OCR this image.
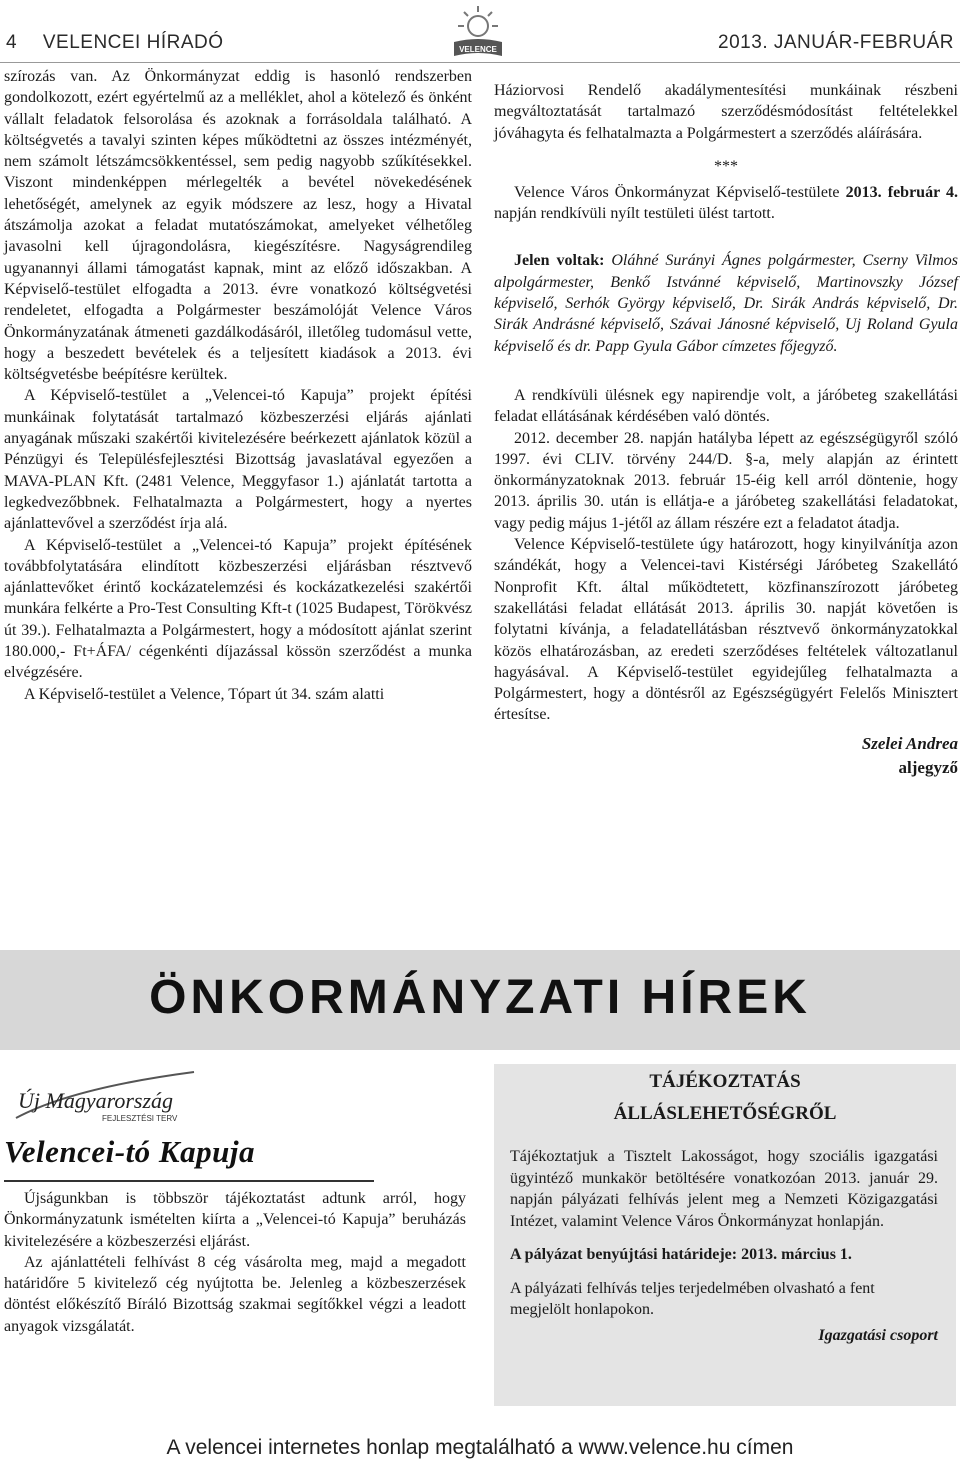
4 VELENCEI HÍRADÓ	VELENCE	2013. JANUÁR-FEBRUÁR

szírozás van. Az Önkormányzat eddig is hasonló rendszerben gondolkozott, ezért egyértelmű az a melléklet, ahol a kötelező és önként vállalt feladatok felsorolása és azoknak a forrásoldala található. A költségvetés a tavalyi szinten képes működtetni az összes intézményét, nem számolt létszámcsökkentéssel, sem pedig nagyobb szűkítésekkel. Viszont mindenképpen mérlegelték a bevétel növekedésének lehetőségét, amelynek az egyik módszere az lesz, hogy a Hivatal átszámolja azokat a feladat mutatószámokat, amelyeket vélhetőleg javasolni kell újragondolásra, kiegészítésre. Nagyságrendileg ugyanannyi állami támogatást kapnak, mint az előző időszakban. A Képviselő-testület elfogadta a 2013. évre vonatkozó költségvetési rendeletet, elfogadta a Polgármester beszámolóját Velence Város Önkormányzatának átmeneti gazdálkodásáról, illetőleg tudomásul vette, hogy a beszedett bevételek és a teljesített kiadások a 2013. évi költségvetésbe beépítésre kerültek.

A Képviselő-testület a „Velencei-tó Kapuja” projekt építési munkáinak folytatását tartalmazó közbeszerzési eljárás ajánlati anyagának műszaki szakértői kivitelezésére beérkezett ajánlatok közül a Pénzügyi és Településfejlesztési Bizottság javaslatával egyezően a MAVA-PLAN Kft. (2481 Velence, Meggyfasor 1.) ajánlatát tartotta a legkedvezőbbnek. Felhatalmazta a Polgármestert, hogy a nyertes ajánlattevővel a szerződést írja alá.

A Képviselő-testület a „Velencei-tó Kapuja” projekt építésének továbbfolytatására elindított közbeszerzési eljárásban résztvevő ajánlattevőket érintő kockázatelemzési és kockázatkezelési szakértői munkára felkérte a Pro-Test Consulting Kft-t (1025 Budapest, Törökvész út 39.). Felhatalmazta a Polgármestert, hogy a módosított ajánlat szerint 180.000,- Ft+ÁFA/ cégenkénti díjazással kössön szerződést a munka elvégzésére.

A Képviselő-testület a Velence, Tópart út 34. szám alatti

Háziorvosi Rendelő akadálymentesítési munkáinak részbeni megváltoztatását tartalmazó szerződésmódosítást feltételekkel jóváhagyta és felhatalmazta a Polgármestert a szerződés aláírására.

***

Velence Város Önkormányzat Képviselő-testülete 2013. február 4. napján rendkívüli nyílt testületi ülést tartott.

Jelen voltak: Oláhné Surányi Ágnes polgármester, Cserny Vilmos alpolgármester, Benkő Istvánné képviselő, Martinovszky József képviselő, Serhók György képviselő, Dr. Sirák András képviselő, Dr. Sirák Andrásné képviselő, Szávai Jánosné képviselő, Uj Roland Gyula képviselő és dr. Papp Gyula Gábor címzetes főjegyző.

A rendkívüli ülésnek egy napirendje volt, a járóbeteg szakellátási feladat ellátásának kérdésében való döntés.

2012. december 28. napján hatályba lépett az egészségügyről szóló 1997. évi CLIV. törvény 244/D. §-a, mely alapján az érintett önkormányzatoknak 2013. február 15-éig kell arról dönteniе, hogy 2013. április 30. után is ellátja-e a járóbeteg szakellátási feladatokat, vagy pedig május 1-jétől az állam részére ezt a feladatot átadja.

Velence Képviselő-testülete úgy határozott, hogy kinyilvánítja azon szándékát, hogy a Velencei-tavi Kistérségi Járóbeteg Szakellátó Nonprofit Kft. által működtetett, közfinanszírozott járóbeteg szakellátási feladat ellátását 2013. április 30. napját követően is folytatni kívánja, a feladatellátásban résztvevő önkormányzatokkal közös elhatározásban, az eredeti szerződéses feltételek változatlanul hagyásával. A Képviselő-testület egyidejűleg felhatalmazta a Polgármestert, hogy a döntésről az Egészségügyért Felelős Minisztert értesítse.

Szelei Andrea
aljegyző
ÖNKORMÁNYZATI HÍREK
Új Magyarország
FEJLESZTÉSI TERV
Velencei-tó Kapuja

Újságunkban is többször tájékoztatást adtunk arról, hogy Önkormányzatunk ismételten kiírta a „Velencei-tó Kapuja” beruházás kivitelezésére a közbeszerzési eljárást.

Az ajánlattételi felhívást 8 cég vásárolta meg, majd a megadott határidőre 5 kivitelező cég nyújtotta be. Jelenleg a közbeszerzések döntést előkészítő Bíráló Bizottság szakmai segítőkkel végzi a leadott anyagok vizsgálatát.

TÁJÉKOZTATÁS
ÁLLÁSLEHETŐSÉGRŐL

Tájékoztatjuk a Tisztelt Lakosságot, hogy szociális igazgatási ügyintéző munkakör betöltésére vonatkozóan 2013. január 29. napján pályázati felhívás jelent meg a Nemzeti Közigazgatási Intézet, valamint Velence Város Önkormányzat honlapján.

A pályázat benyújtási határideje: 2013. március 1.

A pályázati felhívás teljes terjedelmében olvasható a fent megjelölt honlapokon.

Igazgatási csoport

A velencei internetes honlap megtalálható a www.velence.hu címen
